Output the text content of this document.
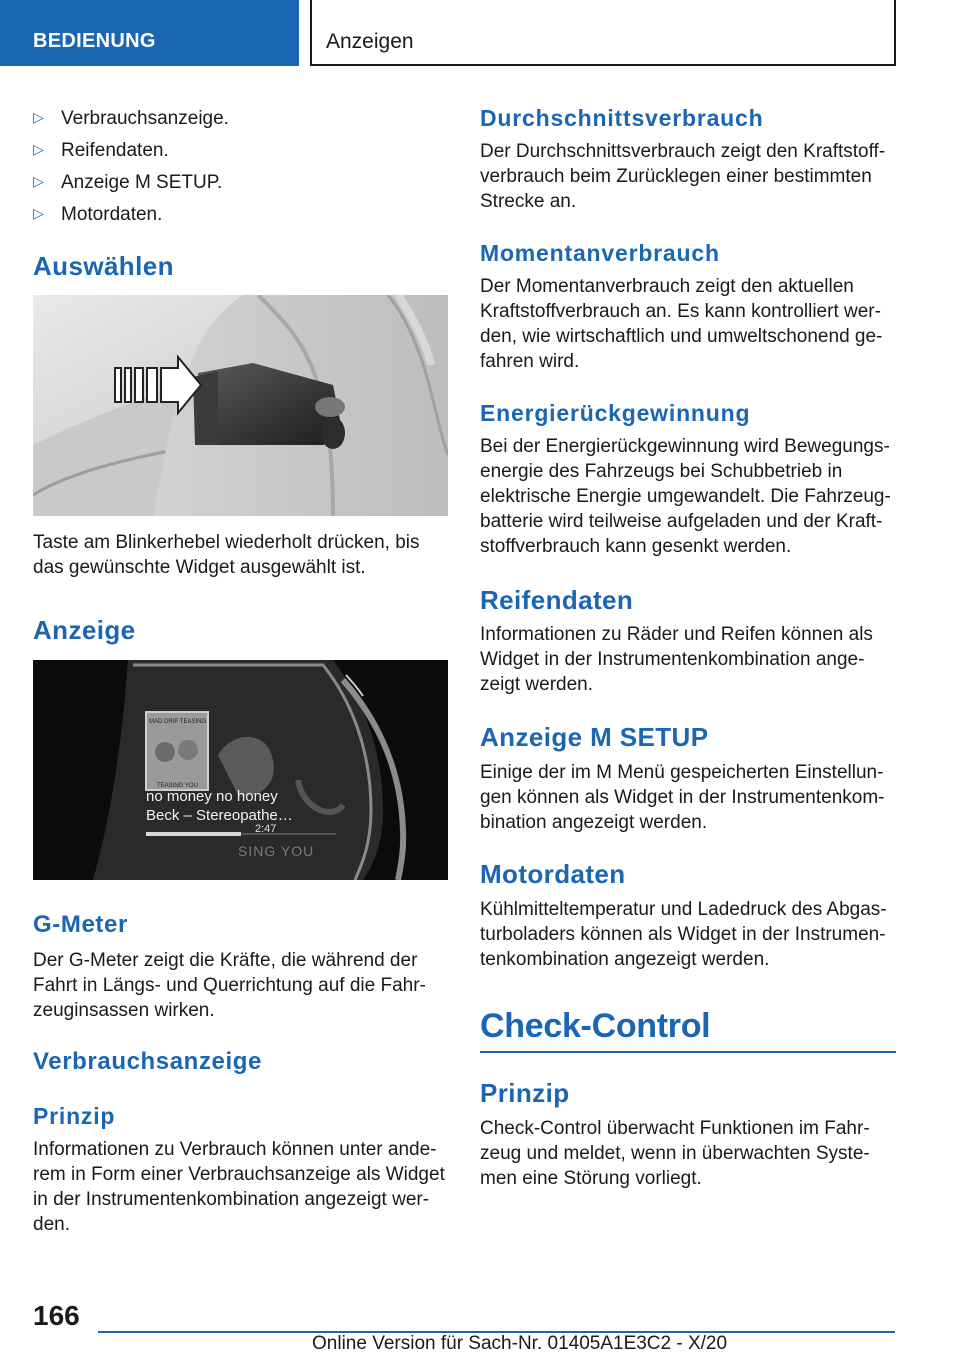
BEDIENUNG	Anzeigen
▷ Verbrauchsanzeige.
▷ Reifendaten.
▷ Anzeige M SETUP.
▷ Motordaten.
Auswählen
Taste am Blinkerhebel wiederholt drücken, bis
das gewünschte Widget ausgewählt ist.
Anzeige
MAD DRIP TEASING
TEASING YOU
no money no honey
Beck – Stereopathe…
2:47
SING YOU
G-Meter
Der G-Meter zeigt die Kräfte, die während der
Fahrt in Längs- und Querrichtung auf die Fahr-
zeuginsassen wirken.
Verbrauchsanzeige
Prinzip
Informationen zu Verbrauch können unter ande-
rem in Form einer Verbrauchsanzeige als Widget
in der Instrumentenkombination angezeigt wer-
den.
Durchschnittsverbrauch
Der Durchschnittsverbrauch zeigt den Kraftstoff-
verbrauch beim Zurücklegen einer bestimmten
Strecke an.
Momentanverbrauch
Der Momentanverbrauch zeigt den aktuellen
Kraftstoffverbrauch an. Es kann kontrolliert wer-
den, wie wirtschaftlich und umweltschonend ge-
fahren wird.
Energierückgewinnung
Bei der Energierückgewinnung wird Bewegungs-
energie des Fahrzeugs bei Schubbetrieb in
elektrische Energie umgewandelt. Die Fahrzeug-
batterie wird teilweise aufgeladen und der Kraft-
stoffverbrauch kann gesenkt werden.
Reifendaten
Informationen zu Räder und Reifen können als
Widget in der Instrumentenkombination ange-
zeigt werden.
Anzeige M SETUP
Einige der im M Menü gespeicherten Einstellun-
gen können als Widget in der Instrumentenkom-
bination angezeigt werden.
Motordaten
Kühlmitteltemperatur und Ladedruck des Abgas-
turboladers können als Widget in der Instrumen-
tenkombination angezeigt werden.
Check-Control
Prinzip
Check-Control überwacht Funktionen im Fahr-
zeug und meldet, wenn in überwachten Syste-
men eine Störung vorliegt.
166
Online Version für Sach-Nr. 01405A1E3C2 - X/20
